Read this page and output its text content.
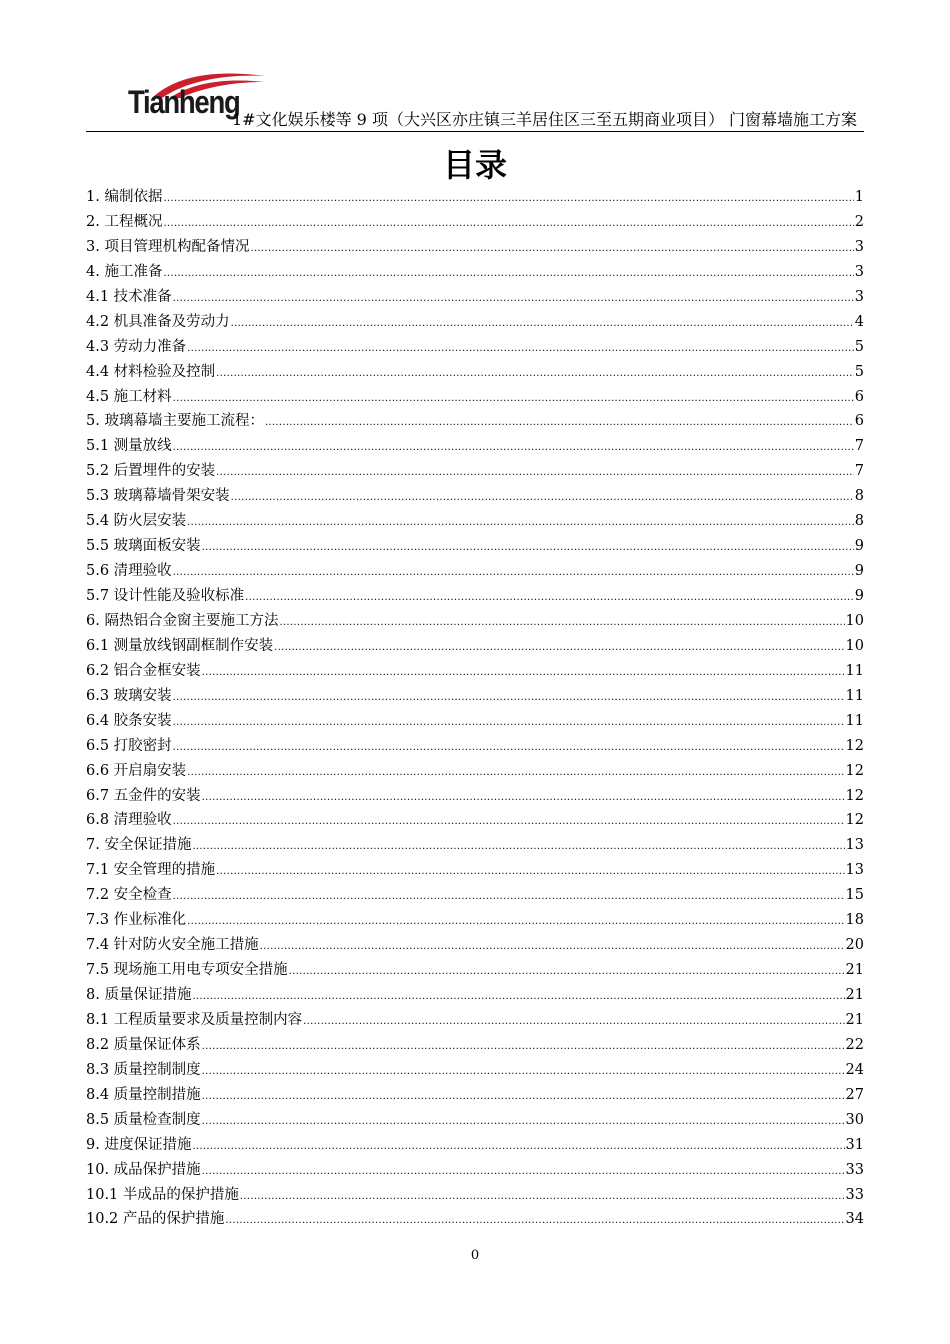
Tianheng
1#文化娱乐楼等 9 项（大兴区亦庄镇三羊居住区三至五期商业项目） 门窗幕墙施工方案
目录
1. 编制依据 .....	1
2. 工程概况 .....	2
3. 项目管理机构配备情况 .....	3
4. 施工准备 .....	3
4.1 技术准备 .....	3
4.2 机具准备及劳动力 .....	4
4.3 劳动力准备 .....	5
4.4 材料检验及控制 .....	5
4.5 施工材料 .....	6
5. 玻璃幕墙主要施工流程： .....	6
5.1 测量放线 .....	7
5.2 后置埋件的安装 .....	7
5.3 玻璃幕墙骨架安装 .....	8
5.4 防火层安装 .....	8
5.5 玻璃面板安装 .....	9
5.6 清理验收 .....	9
5.7 设计性能及验收标准 .....	9
6. 隔热铝合金窗主要施工方法 .....	10
6.1 测量放线钢副框制作安装 .....	10
6.2 铝合金框安装 .....	11
6.3 玻璃安装 .....	11
6.4 胶条安装 .....	11
6.5 打胶密封 .....	12
6.6 开启扇安装 .....	12
6.7 五金件的安装 .....	12
6.8 清理验收 .....	12
7. 安全保证措施 .....	13
7.1 安全管理的措施 .....	13
7.2 安全检查 .....	15
7.3 作业标准化 .....	18
7.4 针对防火安全施工措施 .....	20
7.5 现场施工用电专项安全措施 .....	21
8. 质量保证措施 .....	21
8.1 工程质量要求及质量控制内容 .....	21
8.2 质量保证体系 .....	22
8.3 质量控制制度 .....	24
8.4 质量控制措施 .....	27
8.5 质量检查制度 .....	30
9. 进度保证措施 .....	31
10. 成品保护措施 .....	33
10.1 半成品的保护措施 .....	33
10.2 产品的保护措施 .....	34
0
